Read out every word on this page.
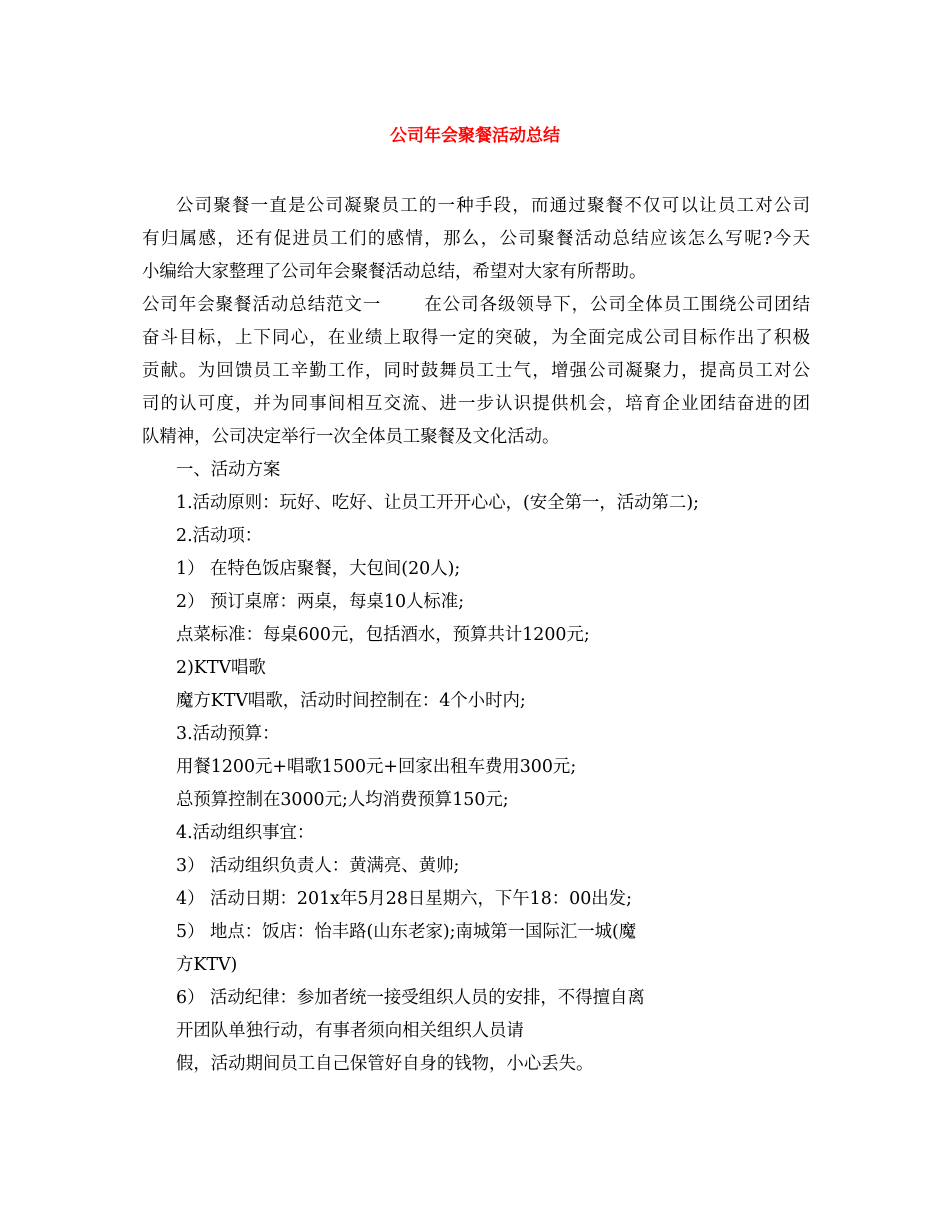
公司年会聚餐活动总结
公司聚餐一直是公司凝聚员工的一种手段，而通过聚餐不仅可以让员工对公司
有归属感，还有促进员工们的感情，那么，公司聚餐活动总结应该怎么写呢?今天
小编给大家整理了公司年会聚餐活动总结，希望对大家有所帮助。
公司年会聚餐活动总结范文一 在公司各级领导下，公司全体员工围绕公司团结
奋斗目标，上下同心，在业绩上取得一定的突破，为全面完成公司目标作出了积极
贡献。为回馈员工辛勤工作，同时鼓舞员工士气，增强公司凝聚力，提高员工对公
司的认可度，并为同事间相互交流、进一步认识提供机会，培育企业团结奋进的团
队精神，公司决定举行一次全体员工聚餐及文化活动。
一、活动方案
1.活动原则：玩好、吃好、让员工开开心心，(安全第一，活动第二);
2.活动项：
1） 在特色饭店聚餐，大包间(20人);
2） 预订桌席：两桌，每桌10人标准;
点菜标准：每桌600元，包括酒水，预算共计1200元;
2)KTV唱歌
魔方KTV唱歌，活动时间控制在：4个小时内;
3.活动预算：
用餐1200元+唱歌1500元+回家出租车费用300元;
总预算控制在3000元;人均消费预算150元;
4.活动组织事宜：
3） 活动组织负责人：黄满亮、黄帅;
4） 活动日期：201x年5月28日星期六，下午18：00出发;
5） 地点：饭店：怡丰路(山东老家);南城第一国际汇一城(魔
方KTV)
6） 活动纪律：参加者统一接受组织人员的安排，不得擅自离
开团队单独行动，有事者须向相关组织人员请
假，活动期间员工自己保管好自身的钱物，小心丢失。
